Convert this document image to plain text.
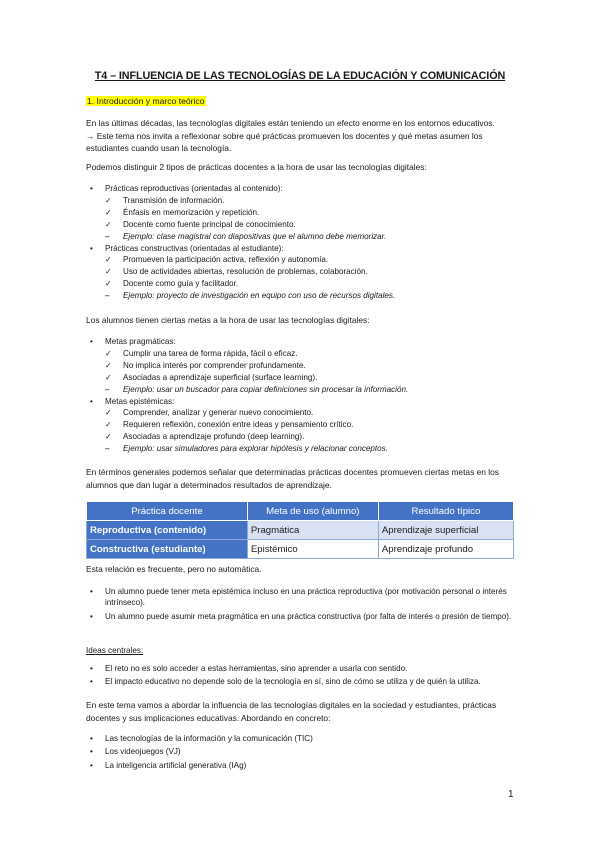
T4 – INFLUENCIA DE LAS TECNOLOGÍAS DE LA EDUCACIÓN Y COMUNICACIÓN
1. Introducción y marco teórico
En las últimas décadas, las tecnologías digitales están teniendo un efecto enorme en los entornos educativos.
→ Este tema nos invita a reflexionar sobre qué prácticas promueven los docentes y qué metas asumen los estudiantes cuando usan la tecnología.
Podemos distinguir 2 tipos de prácticas docentes a la hora de usar las tecnologías digitales:
• Prácticas reproductivas (orientadas al contenido):
✓ Transmisión de información.
✓ Énfasis en memorización y repetición.
✓ Docente como fuente principal de conocimiento.
– Ejemplo: clase magistral con diapositivas que el alumno debe memorizar.
• Prácticas constructivas (orientadas al estudiante):
✓ Promueven la participación activa, reflexión y autonomía.
✓ Uso de actividades abiertas, resolución de problemas, colaboración.
✓ Docente como guía y facilitador.
– Ejemplo: proyecto de investigación en equipo con uso de recursos digitales.
Los alumnos tienen ciertas metas a la hora de usar las tecnologías digitales:
• Metas pragmáticas:
✓ Cumplir una tarea de forma rápida, fácil o eficaz.
✓ No implica interés por comprender profundamente.
✓ Asociadas a aprendizaje superficial (surface learning).
– Ejemplo: usar un buscador para copiar definiciones sin procesar la información.
• Metas epistémicas:
✓ Comprender, analizar y generar nuevo conocimiento.
✓ Requieren reflexión, conexión entre ideas y pensamiento crítico.
✓ Asociadas a aprendizaje profundo (deep learning).
– Ejemplo: usar simuladores para explorar hipótesis y relacionar conceptos.
En términos generales podemos señalar que determinadas prácticas docentes promueven ciertas metas en los alumnos que dan lugar a determinados resultados de aprendizaje.
Práctica docente	Meta de uso (alumno)	Resultado típico
Reproductiva (contenido)	Pragmática	Aprendizaje superficial
Constructiva (estudiante)	Epistémico	Aprendizaje profundo
Esta relación es frecuente, pero no automática.
• Un alumno puede tener meta epistémica incluso en una práctica reproductiva (por motivación personal o interés intrínseco).
• Un alumno puede asumir meta pragmática en una práctica constructiva (por falta de interés o presión de tiempo).
Ideas centrales:
• El reto no es solo acceder a estas herramientas, sino aprender a usarla con sentido.
• El impacto educativo no depende solo de la tecnología en sí, sino de cómo se utiliza y de quién la utiliza.
En este tema vamos a abordar la influencia de las tecnologías digitales en la sociedad y estudiantes, prácticas docentes y sus implicaciones educativas. Abordando en concreto:
• Las tecnologías de la información y la comunicación (TIC)
• Los videojuegos (VJ)
• La inteligencia artificial generativa (IAg)
1
